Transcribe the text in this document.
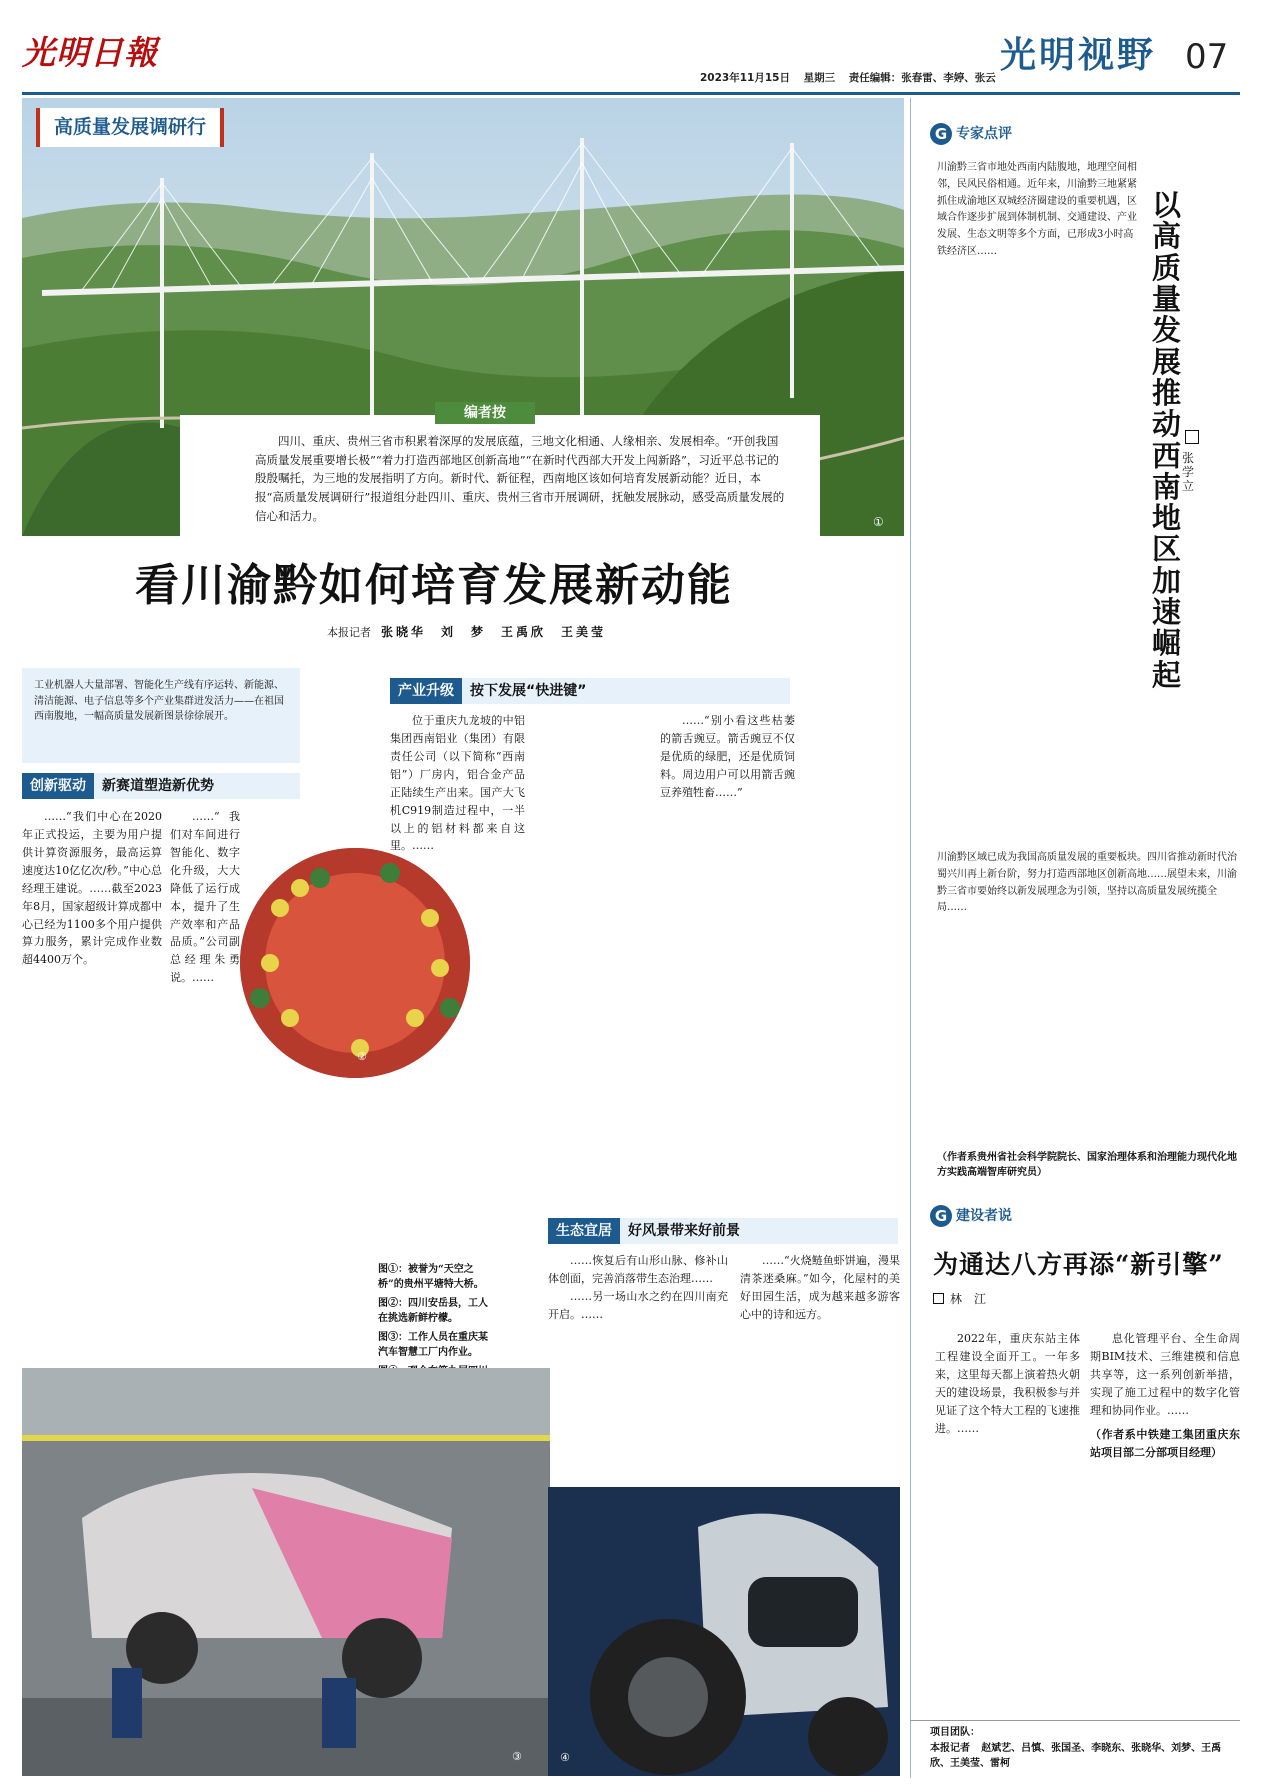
光明日報
2023年11月15日 星期三 责任编辑：张春雷、李婷、张云
光明视野 07
高质量发展调研行
①
编者按
四川、重庆、贵州三省市积累着深厚的发展底蕴，三地文化相通、人缘相亲、发展相牵。“开创我国高质量发展重要增长极”“着力打造西部地区创新高地”“在新时代西部大开发上闯新路”，习近平总书记的殷殷嘱托，为三地的发展指明了方向。新时代、新征程，西南地区该如何培育发展新动能？近日，本报“高质量发展调研行”报道组分赴四川、重庆、贵州三省市开展调研，抚触发展脉动，感受高质量发展的信心和活力。
看川渝黔如何培育发展新动能
本报记者 张晓华　刘　梦　王禹欣　王美莹
工业机器人大量部署、智能化生产线有序运转、新能源、清洁能源、电子信息等多个产业集群迸发活力——在祖国西南腹地，一幅高质量发展新图景徐徐展开。
创新驱动 新赛道塑造新优势
产业升级 按下发展“快进键”
生态宜居 好风景带来好前景

……“我们中心在2020年正式投运，主要为用户提供计算资源服务，最高运算速度达10亿亿次/秒。”中心总经理王建说。……截至2023年8月，国家超级计算成都中心已经为1100多个用户提供算力服务，累计完成作业数超4400万个。

……“我们对车间进行智能化、数字化升级，大大降低了运行成本，提升了生产效率和产品品质。”公司副总经理朱勇说。……

位于重庆九龙坡的中铝集团西南铝业（集团）有限责任公司（以下简称“西南铝”）厂房内，铝合金产品正陆续生产出来。国产大飞机C919制造过程中，一半以上的铝材料都来自这里。……

……“别小看这些枯萎的箭舌豌豆。箭舌豌豆不仅是优质的绿肥，还是优质饲料。周边用户可以用箭舌豌豆养殖牲畜……”

……恢复后有山形山脉、修补山体创面，完善消落带生态治理……

……另一场山水之约在四川南充开启。……

……“火烧鲢鱼虾饼遍，漫果清茶迷桑麻。”如今，化屋村的美好田园生活，成为越来越多游客心中的诗和远方。

②
图①：被誉为“天空之桥”的贵州平塘特大桥。
图②：四川安岳县，工人在挑选新鲜柠檬。
图③：工作人员在重庆某汽车智慧工厂内作业。
③	④
G 专家点评
川渝黔三省市地处西南内陆腹地，地理空间相邻，民风民俗相通。近年来，川渝黔三地紧紧抓住成渝地区双城经济圈建设的重要机遇，区域合作逐步扩展到体制机制、交通建设、产业发展、生态文明等多个方面，已形成3小时高铁经济区……
以高质量发展推动西南地区加速崛起
张学立
川渝黔区域已成为我国高质量发展的重要板块。四川省推动新时代治蜀兴川再上新台阶，努力打造西部地区创新高地……展望未来，川渝黔三省市要始终以新发展理念为引领，坚持以高质量发展统揽全局……
（作者系贵州省社会科学院院长、国家治理体系和治理能力现代化地方实践高端智库研究员）
G 建设者说
为通达八方再添“新引擎”
林　江

2022年，重庆东站主体工程建设全面开工。一年多来，这里每天都上演着热火朝天的建设场景，我积极参与并见证了这个特大工程的飞速推进。……

息化管理平台、全生命周期BIM技术、三维建模和信息共享等，这一系列创新举措，实现了施工过程中的数字化管理和协同作业。……

（作者系中铁建工集团重庆东站项目部二分部项目经理）

项目团队：
本报记者 赵斌艺、吕慎、张国圣、李晓东、张晓华、刘梦、王禹欣、王美莹、雷柯
